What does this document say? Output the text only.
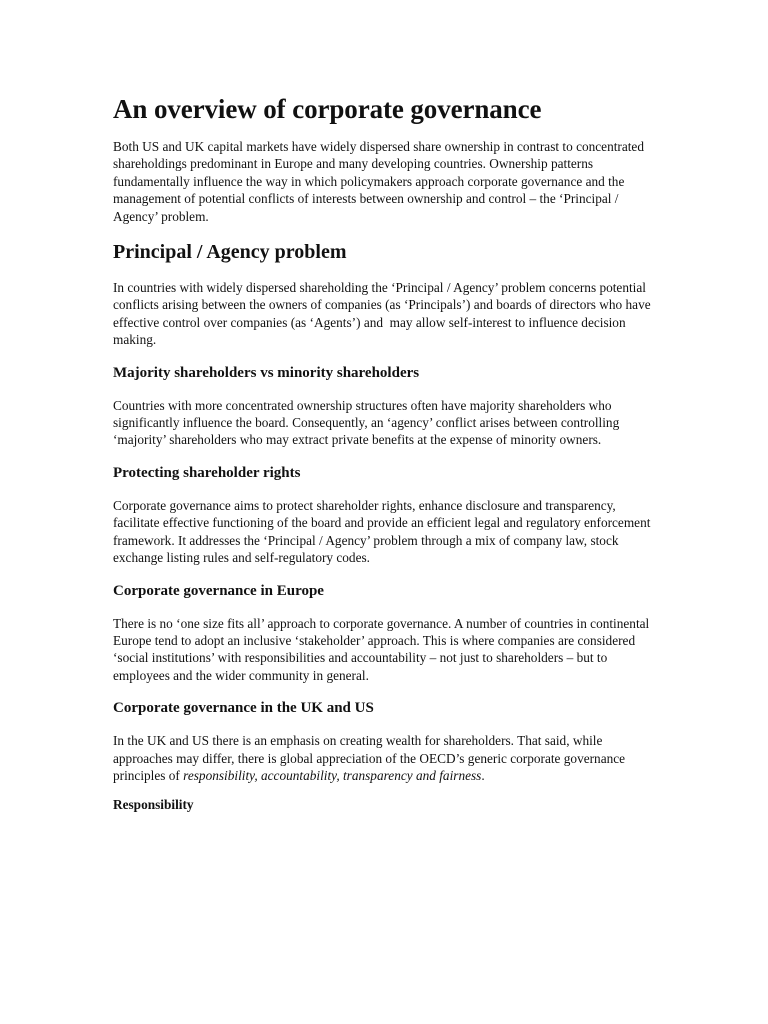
An overview of corporate governance

Both US and UK capital markets have widely dispersed share ownership in contrast to concentrated shareholdings predominant in Europe and many developing countries. Ownership patterns fundamentally influence the way in which policymakers approach corporate governance and the management of potential conflicts of interests between ownership and control – the ‘Principal / Agency’ problem.

Principal / Agency problem

In countries with widely dispersed shareholding the ‘Principal / Agency’ problem concerns potential conflicts arising between the owners of companies (as ‘Principals’) and boards of directors who have effective control over companies (as ‘Agents’) and  may allow self-interest to influence decision making.

Majority shareholders vs minority shareholders

Countries with more concentrated ownership structures often have majority shareholders who significantly influence the board. Consequently, an ‘agency’ conflict arises between controlling ‘majority’ shareholders who may extract private benefits at the expense of minority owners.

Protecting shareholder rights

Corporate governance aims to protect shareholder rights, enhance disclosure and transparency, facilitate effective functioning of the board and provide an efficient legal and regulatory enforcement framework. It addresses the ‘Principal / Agency’ problem through a mix of company law, stock exchange listing rules and self-regulatory codes.

Corporate governance in Europe

There is no ‘one size fits all’ approach to corporate governance. A number of countries in continental Europe tend to adopt an inclusive ‘stakeholder’ approach. This is where companies are considered ‘social institutions’ with responsibilities and accountability – not just to shareholders – but to employees and the wider community in general.

Corporate governance in the UK and US

In the UK and US there is an emphasis on creating wealth for shareholders. That said, while approaches may differ, there is global appreciation of the OECD’s generic corporate governance principles of responsibility, accountability, transparency and fairness.

Responsibility
